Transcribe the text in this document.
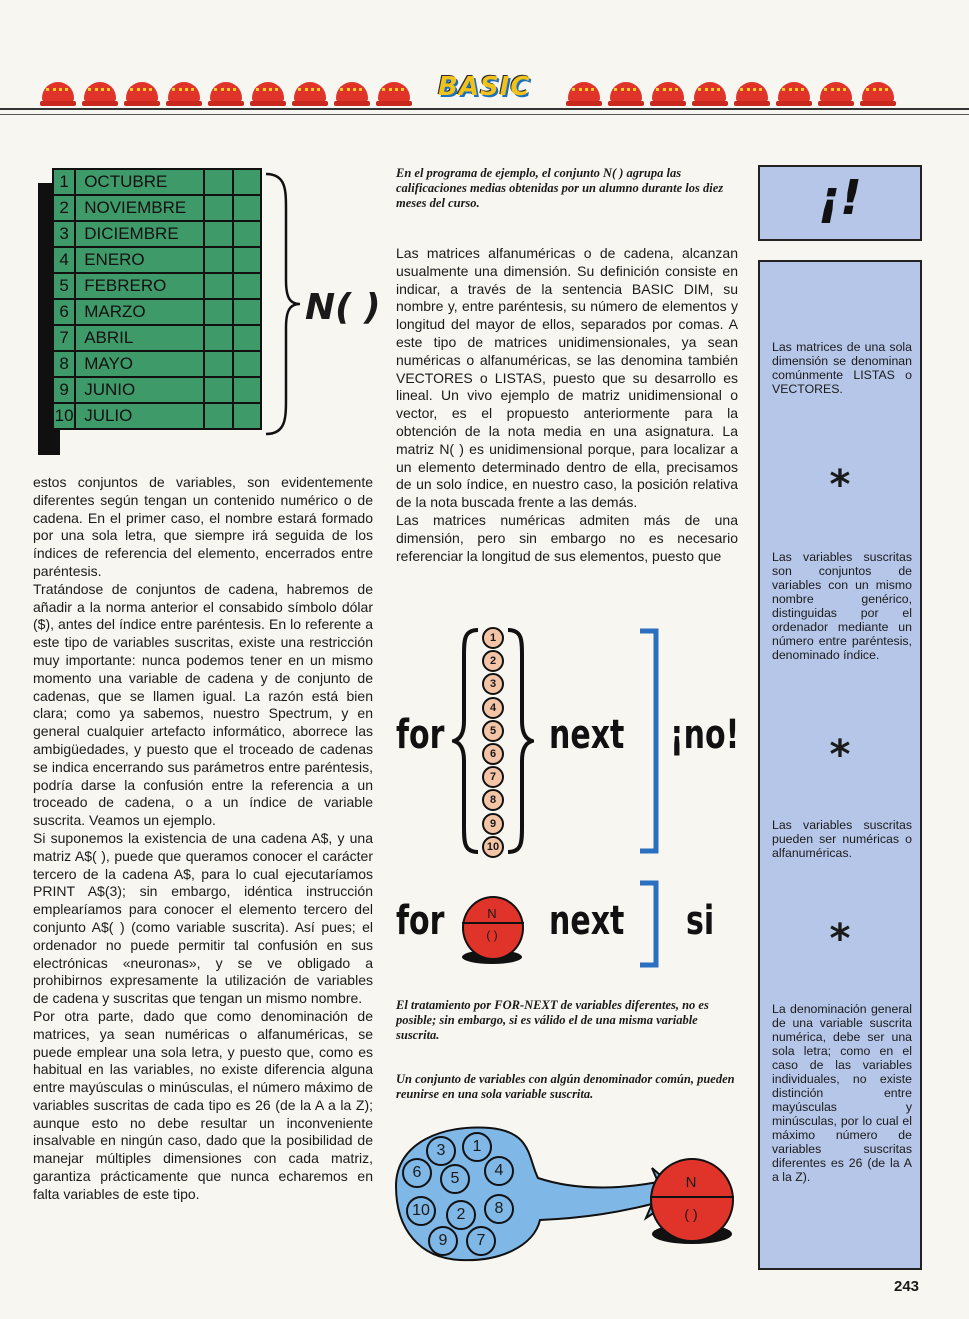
BASIC
1	OCTUBRE		
2	NOVIEMBRE		
3	DICIEMBRE		
4	ENERO		
5	FEBRERO		
6	MARZO		
7	ABRIL		
8	MAYO		
9	JUNIO		
10	JULIO		
N( )

estos conjuntos de variables, son evidentemente diferentes según tengan un contenido numérico o de cadena. En el primer caso, el nombre estará formado por una sola letra, que siempre irá seguida de los índices de referencia del elemento, encerrados entre paréntesis.

Tratándose de conjuntos de cadena, habremos de añadir a la norma anterior el consabido símbolo dólar ($), antes del índice entre paréntesis. En lo referente a este tipo de variables suscritas, existe una restricción muy importante: nunca podemos tener en un mismo momento una variable de cadena y de conjunto de cadenas, que se llamen igual. La razón está bien clara; como ya sabemos, nuestro Spectrum, y en general cualquier artefacto informático, aborrece las ambigüedades, y puesto que el troceado de cadenas se indica encerrando sus parámetros entre paréntesis, podría darse la confusión entre la referencia a un troceado de cadena, o a un índice de variable suscrita. Veamos un ejemplo.

Si suponemos la existencia de una cadena A$, y una matriz A$( ), puede que queramos conocer el carácter tercero de la cadena A$, para lo cual ejecutaríamos PRINT A$(3); sin embargo, idéntica instrucción emplearíamos para conocer el elemento tercero del conjunto A$( ) (como variable suscrita). Así pues; el ordenador no puede permitir tal confusión en sus electrónicas «neuronas», y se ve obligado a prohibirnos expresamente la utilización de variables de cadena y suscritas que tengan un mismo nombre.

Por otra parte, dado que como denominación de matrices, ya sean numéricas o alfanuméricas, se puede emplear una sola letra, y puesto que, como es habitual en las variables, no existe diferencia alguna entre mayúsculas o minúsculas, el número máximo de variables suscritas de cada tipo es 26 (de la A a la Z); aunque esto no debe resultar un inconveniente insalvable en ningún caso, dado que la posibilidad de manejar múltiples dimensiones con cada matriz, garantiza prácticamente que nunca echaremos en falta variables de este tipo.

En el programa de ejemplo, el conjunto N( ) agrupa las calificaciones medias obtenidas por un alumno durante los diez meses del curso.

Las matrices alfanuméricas o de cadena, alcanzan usualmente una dimensión. Su definición consiste en indicar, a través de la sentencia BASIC DIM, su nombre y, entre paréntesis, su número de elementos y longitud del mayor de ellos, separados por comas. A este tipo de matrices unidimensionales, ya sean numéricas o alfanuméricas, se las denomina también VECTORES o LISTAS, puesto que su desarrollo es lineal. Un vivo ejemplo de matriz unidimensional o vector, es el propuesto anteriormente para la obtención de la nota media en una asignatura. La matriz N( ) es unidimensional porque, para localizar a un elemento determinado dentro de ella, precisamos de un solo índice, en nuestro caso, la posición relativa de la nota buscada frente a las demás.

Las matrices numéricas admiten más de una dimensión, pero sin embargo no es necesario referenciar la longitud de sus elementos, puesto que

for
1
2
3
4
5
6
7
8
9
10
next ¡no!
for	N
( )	next si
El tratamiento por FOR-NEXT de variables diferentes, no es posible; sin embargo, si es válido el de una misma variable suscrita.
Un conjunto de variables con algún denominador común, pueden reunirse en una sola variable suscrita.
3	1
6	5	4
10	2	8
9	7
N
( )
¡!
Las matrices de una sola dimensión se denominan comúnmente LISTAS o VECTORES.
*
Las variables suscritas son conjuntos de variables con un mismo nombre genérico, distinguidas por el ordenador mediante un número entre paréntesis, denominado índice.
*
Las variables suscritas pueden ser numéricas o alfanuméricas.
*
La denominación general de una variable suscrita numérica, debe ser una sola letra; como en el caso de las variables individuales, no existe distinción entre mayúsculas y minúsculas, por lo cual el máximo número de variables suscritas diferentes es 26 (de la A a la Z).
243
